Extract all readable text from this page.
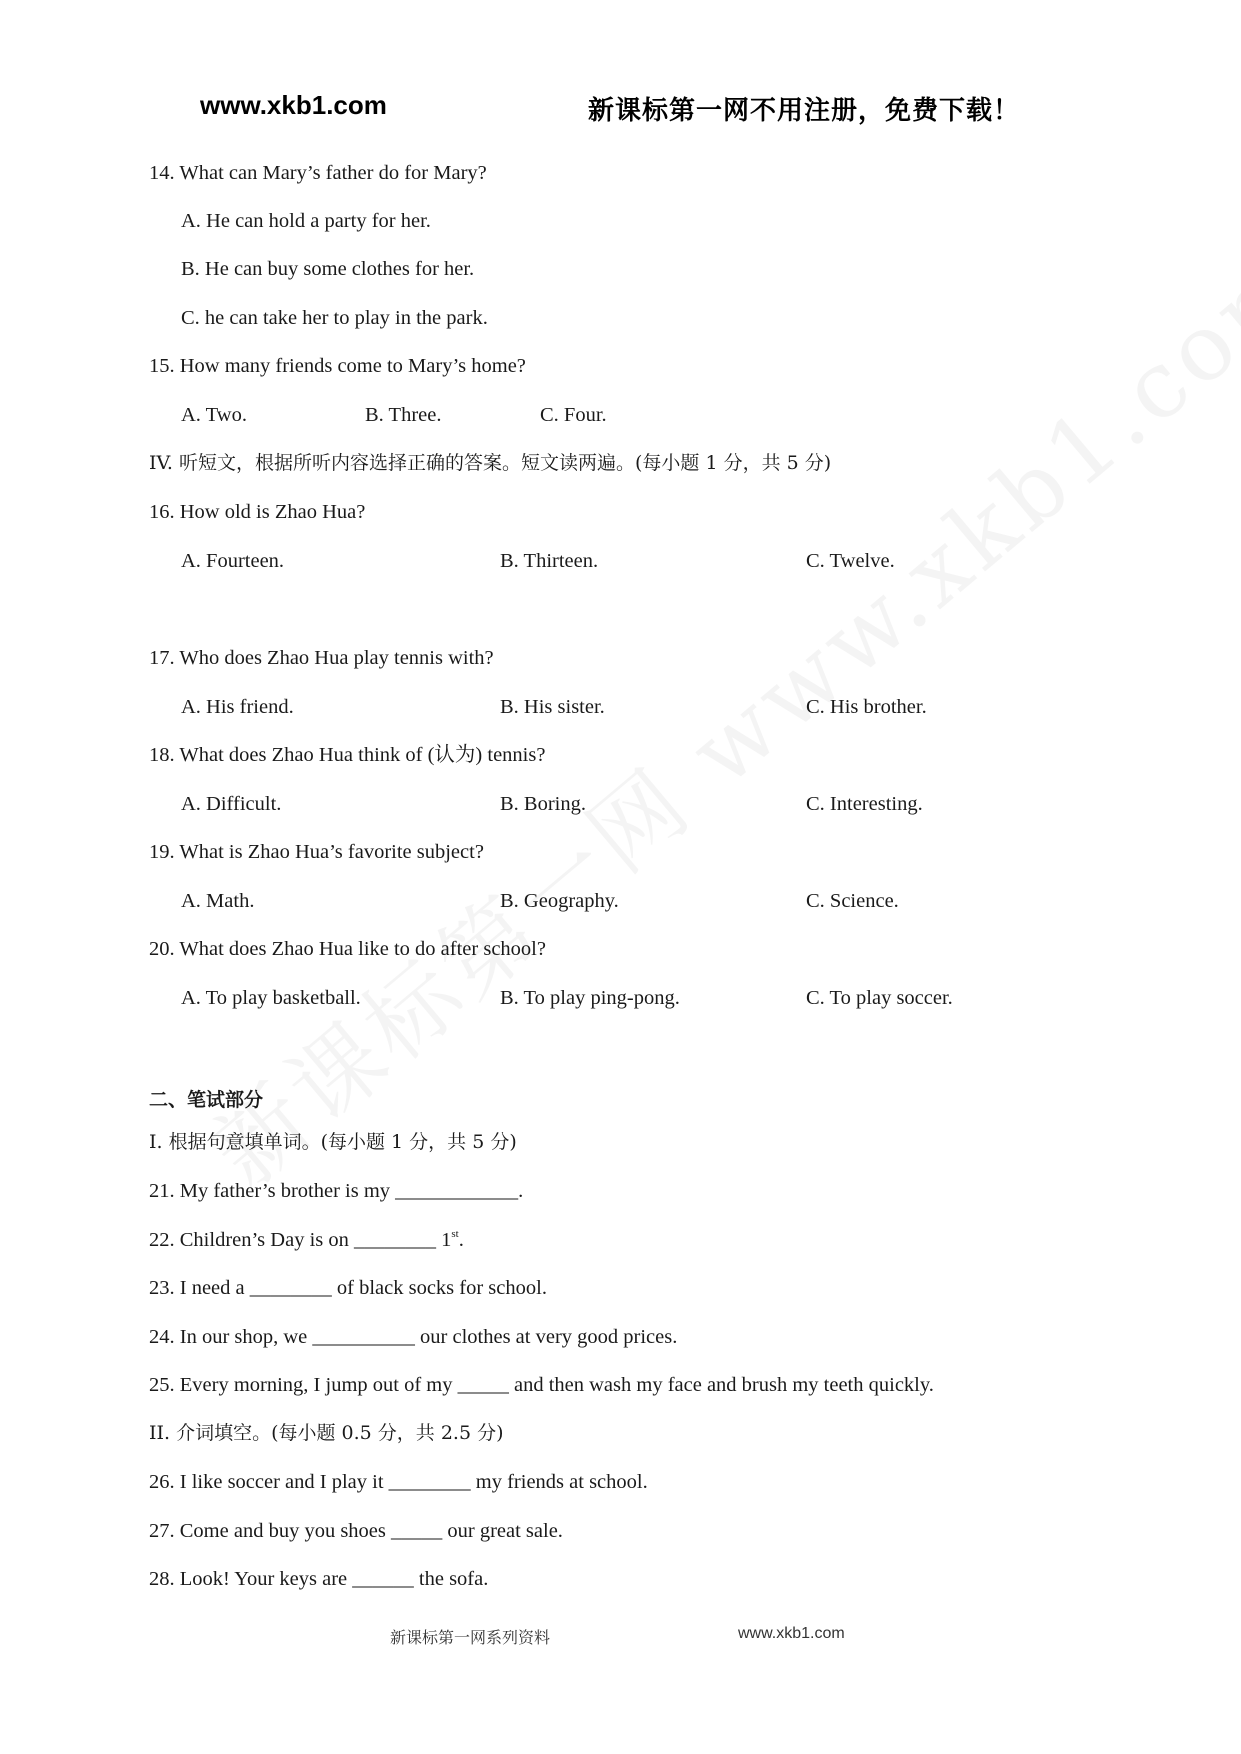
www.xkb1.com	新课标第一网不用注册，免费下载！
14. What can Mary’s father do for Mary?
A. He can hold a party for her.
B. He can buy some clothes for her.
C. he can take her to play in the park.
15. How many friends come to Mary’s home?
A. Two.	B. Three.	C. Four.
IV. 听短文，根据所听内容选择正确的答案。短文读两遍。(每小题 1 分，共 5 分)
16. How old is Zhao Hua?
A. Fourteen.	B. Thirteen.	C. Twelve.
17. Who does Zhao Hua play tennis with?
A. His friend.	B. His sister.	C. His brother.
18. What does Zhao Hua think of (认为) tennis?
A. Difficult.	B. Boring.	C. Interesting.
19. What is Zhao Hua’s favorite subject?
A. Math.	B. Geography.	C. Science.
20. What does Zhao Hua like to do after school?
A. To play basketball.	B. To play ping-pong.	C. To play soccer.
二、笔试部分
I. 根据句意填单词。(每小题 1 分，共 5 分)
21. My father’s brother is my ____________.
22. Children’s Day is on ________ 1st.
23. I need a ________ of black socks for school.
24. In our shop, we __________ our clothes at very good prices.
25. Every morning, I jump out of my _____ and then wash my face and brush my teeth quickly.
II. 介词填空。(每小题 0.5 分，共 2.5 分)
26. I like soccer and I play it ________ my friends at school.
27. Come and buy you shoes _____ our great sale.
28. Look! Your keys are ______ the sofa.
新课标第一网系列资料	www.xkb1.com
